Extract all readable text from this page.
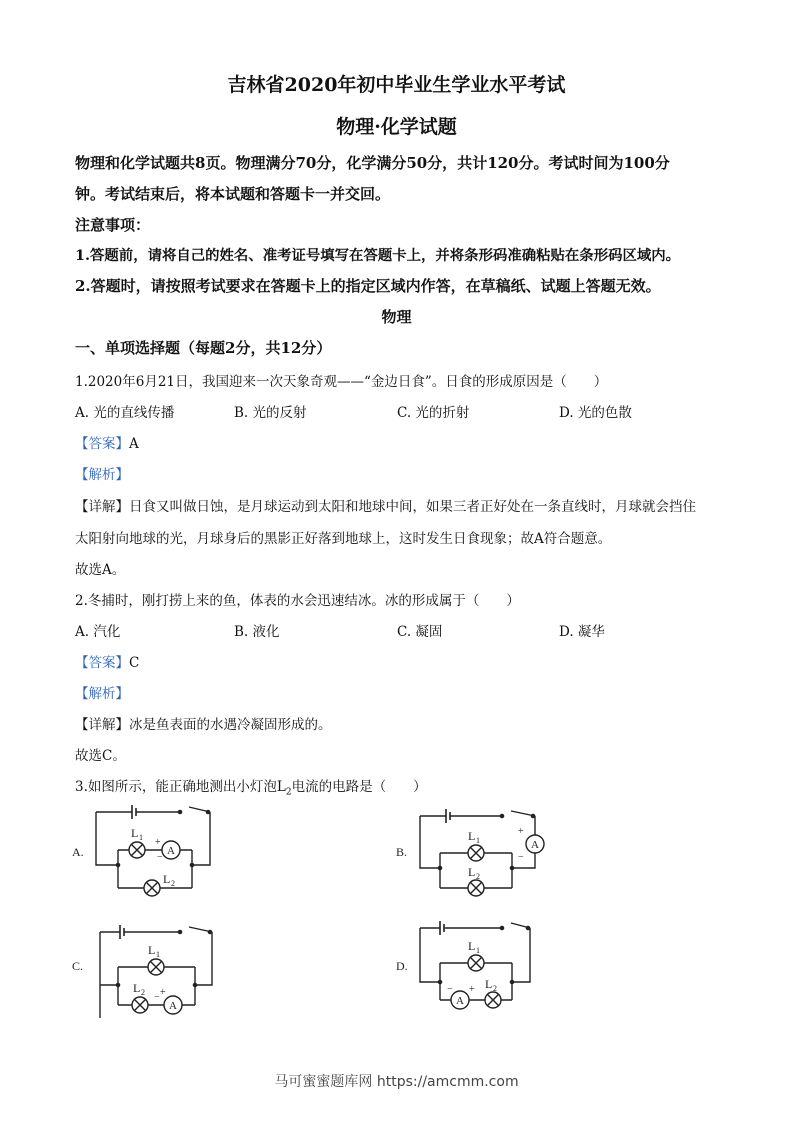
吉林省2020年初中毕业生学业水平考试
物理·化学试题
物理和化学试题共8页。物理满分70分，化学满分50分，共计120分。考试时间为100分
钟。考试结束后，将本试题和答题卡一并交回。
注意事项：
1.答题前，请将自己的姓名、准考证号填写在答题卡上，并将条形码准确粘贴在条形码区域内。
2.答题时，请按照考试要求在答题卡上的指定区域内作答，在草稿纸、试题上答题无效。
物理
一、单项选择题（每题2分，共12分）
1.2020年6月21日，我国迎来一次天象奇观——“金边日食”。日食的形成原因是（　　）
A. 光的直线传播	B. 光的反射	C. 光的折射	D. 光的色散
【答案】A
【解析】
【详解】日食又叫做日蚀，是月球运动到太阳和地球中间，如果三者正好处在一条直线时，月球就会挡住
太阳射向地球的光，月球身后的黑影正好落到地球上，这时发生日食现象；故A符合题意。
故选A。
2.冬捕时，刚打捞上来的鱼，体表的水会迅速结冰。冰的形成属于（　　）
A. 汽化	B. 液化	C. 凝固	D. 凝华
【答案】C
【解析】
【详解】冰是鱼表面的水遇冷凝固形成的。
故选C。
3.如图所示，能正确地测出小灯泡$L_2$电流的电路是（　　）
A.	B.
C.	D.
L 1 +
−
A
L 2
L 1
+
−
A
L 2
L 1
L 2 − +
A
L 1
− +
A
L 2
马可蜜蜜题库网 https://amcmm.com
